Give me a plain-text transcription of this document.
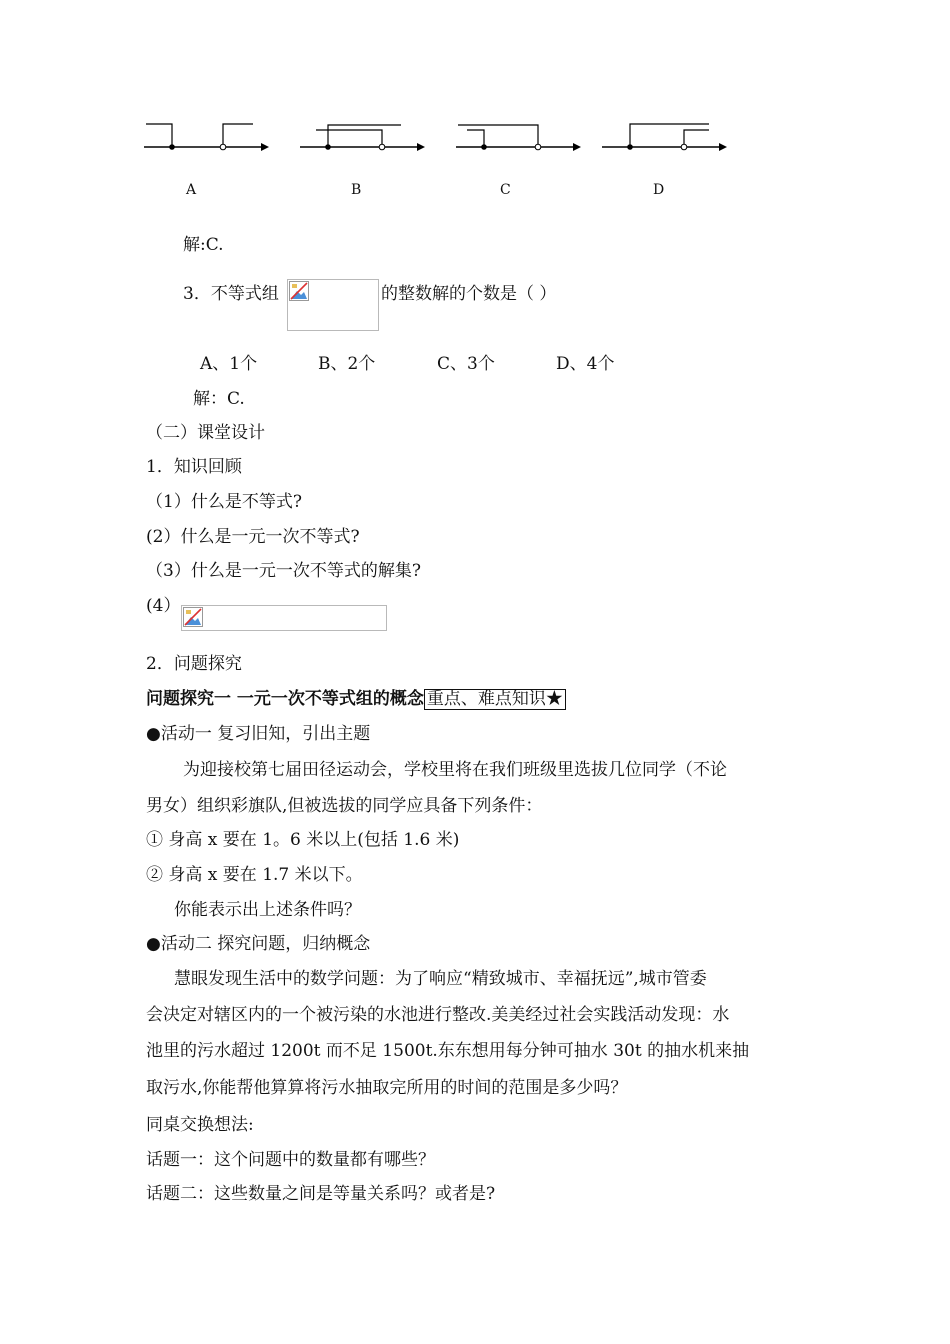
A	B	C	D
解:C.
3．不等式组	的整数解的个数是（ ）
A、1个	B、2个	C、3个	D、4个
解：C.
（二）课堂设计
1．知识回顾
（1）什么是不等式?
(2）什么是一元一次不等式?
（3）什么是一元一次不等式的解集?
(4）
2．问题探究
问题探究一 一元一次不等式组的概念 重点、难点知识★
●活动一 复习旧知，引出主题
为迎接校第七届田径运动会，学校里将在我们班级里选拔几位同学（不论
男女）组织彩旗队,但被选拔的同学应具备下列条件：
① 身高 x 要在 1。6 米以上(包括 1.6 米)
② 身高 x 要在 1.7 米以下。
你能表示出上述条件吗？
●活动二 探究问题，归纳概念
慧眼发现生活中的数学问题：为了响应“精致城市、幸福抚远”,城市管委
会决定对辖区内的一个被污染的水池进行整改.美美经过社会实践活动发现：水
池里的污水超过 1200t 而不足 1500t.东东想用每分钟可抽水 30t 的抽水机来抽
取污水,你能帮他算算将污水抽取完所用的时间的范围是多少吗？
同桌交换想法:
话题一：这个问题中的数量都有哪些？
话题二：这些数量之间是等量关系吗？或者是?
